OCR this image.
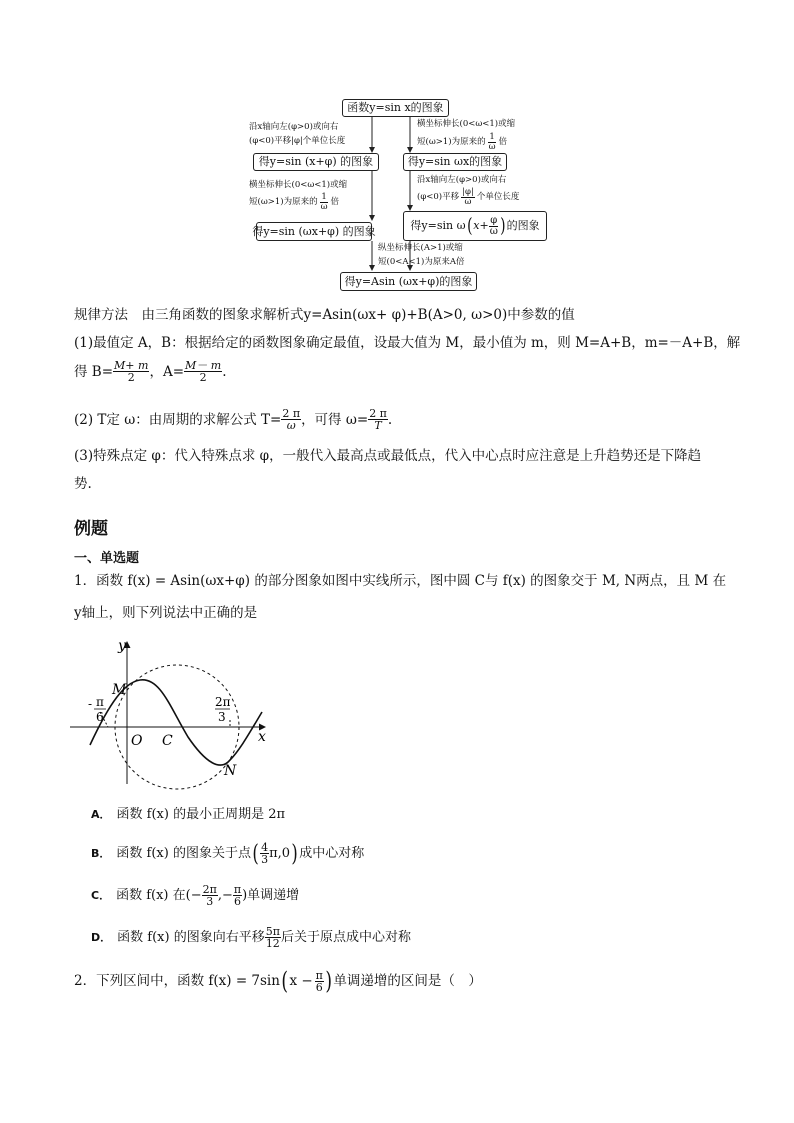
函数y=sin x的图象
沿x轴向左(φ>0)或向右
(φ<0)平移|φ|个单位长度
横坐标伸长(0<ω<1)或缩
短(ω>1)为原来的 $\frac{1}{\omega}$ 倍
得y=sin (x+φ) 的图象	得y=sin ωx的图象
横坐标伸长(0<ω<1)或缩
短(ω>1)为原来的 $\frac{1}{\omega}$ 倍
沿x轴向左(φ>0)或向右
(φ<0)平移 $\frac{|\varphi|}{\omega}$ 个单位长度
得y=sin (ωx+φ) 的图象	得y=sin ω ( $x + \frac{\varphi}{\omega}$ ) 的图象
纵坐标伸长(A>1)或缩
短(0<A<1)为原来A倍
得y=Asin (ωx+φ)的图象
规律方法　由三角函数的图象求解析式y=Asin(ωx+ φ)+B(A>0, ω>0)中参数的值
(1)最值定 A，B：根据给定的函数图象确定最值，设最大值为 M，最小值为 m，则 M=A+B，m=－A+B，解
得 $B= \frac{M+ m}{2}$ ，$A= \frac{M- m}{2}$ .
(2) T定 ω：由周期的求解公式 $T= \frac{2 \pi}{\omega}$ ，可得 $\omega= \frac{2 \pi}{T}$ .
(3)特殊点定 φ：代入特殊点求 φ，一般代入最高点或最低点，代入中心点时应注意是上升趋势还是下降趋
势.
例题
一、单选题
1．函数 f(x) = Asin(ωx+φ) 的部分图象如图中实线所示，图中圆 C与 f(x) 的图象交于 M, N两点，且 M 在
y轴上，则下列说法中正确的是
y
x
M
O C
N
- π
6
2π
3
A． 函数 f(x) 的最小正周期是 2π
B． 函数 f(x) 的图象关于点 ( $\frac{4}{3} \pi,0$ ) 成中心对称
C． 函数 f(x) 在(− $\frac{2\pi}{3}$ ,− $\frac{\pi}{6}$ )单调递增
D． 函数 f(x) 的图象向右平移 $\frac{5\pi}{12}$ 后关于原点成中心对称
2．下列区间中，函数 f(x) = 7sin ( $x - \frac{\pi}{6}$ ) 单调递增的区间是（　）
